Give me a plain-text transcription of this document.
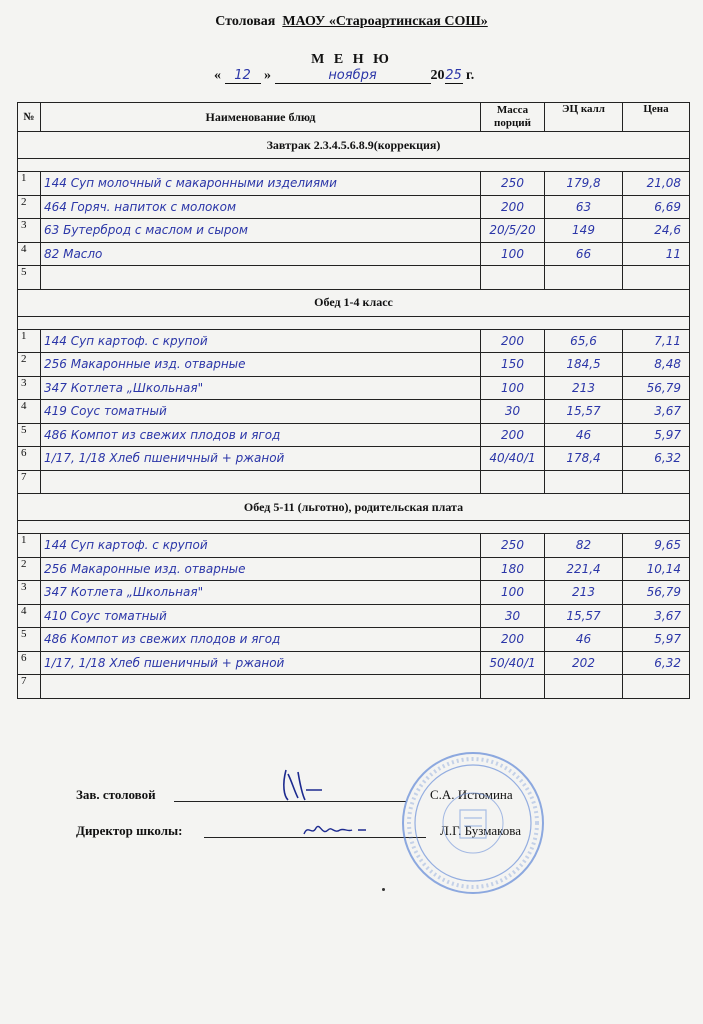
Столовая МАОУ «Староартинская СОШ»
М Е Н Ю
« 12 »	ноября	2025 г.
№	Наименование блюд	Масса порций	ЭЦ калл	Цена
Завтрак 2.3.4.5.6.8.9(коррекция)				

1	144 Суп молочный с макаронными изделиями	250	179,8	21,08
2	464 Горяч. напиток с молоком	200	63	6,69
3	63 Бутерброд с маслом и сыром	20/5/20	149	24,6
4	82 Масло	100	66	11
5				
Обед 1-4 класс				

1	144 Суп картоф. с крупой	200	65,6	7,11
2	256 Макаронные изд. отварные	150	184,5	8,48
3	347 Котлета „Школьная"	100	213	56,79
4	419 Соус томатный	30	15,57	3,67
5	486 Компот из свежих плодов и ягод	200	46	5,97
6	1/17, 1/18 Хлеб пшеничный + ржаной	40/40/1	178,4	6,32
7				
Обед 5-11 (льготно), родительская плата				

1	144 Суп картоф. с крупой	250	82	9,65
2	256 Макаронные изд. отварные	180	221,4	10,14
3	347 Котлета „Школьная"	100	213	56,79
4	410 Соус томатный	30	15,57	3,67
5	486 Компот из свежих плодов и ягод	200	46	5,97
6	1/17, 1/18 Хлеб пшеничный + ржаной	50/40/1	202	6,32
7				
Зав. столовой	С.А. Истомина
Директор школы:	Л.Г. Бузмакова
